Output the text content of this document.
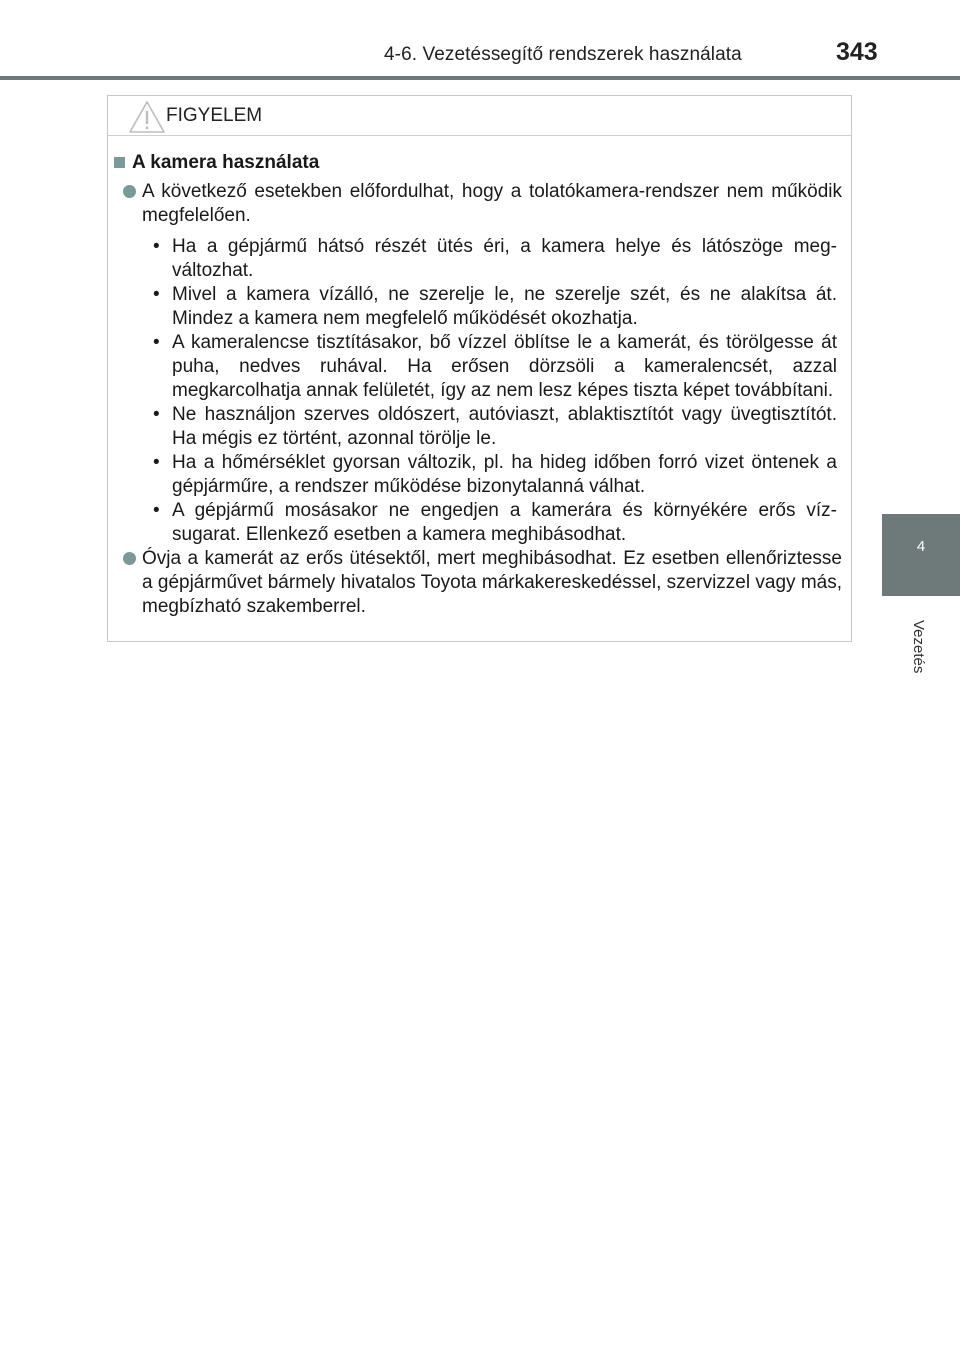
4-6. Vezetéssegítő rendszerek használata	343
4
Vezetés
FIGYELEM
A kamera használata
A következő esetekben előfordulhat, hogy a tolatókamera-rendszer nem működik megfelelően.
• Ha a gépjármű hátsó részét ütés éri, a kamera helye és látószöge megváltozhat.
• Mivel a kamera vízálló, ne szerelje le, ne szerelje szét, és ne alakítsa át. Mindez a kamera nem megfelelő működését okozhatja.
• A kameralencse tisztításakor, bő vízzel öblítse le a kamerát, és törölgesse át puha, nedves ruhával. Ha erősen dörzsöli a kameralencsét, azzal megkarcolhatja annak felületét, így az nem lesz képes tiszta képet továbbítani.
• Ne használjon szerves oldószert, autóviaszt, ablaktisztítót vagy üvegtisztítót. Ha mégis ez történt, azonnal törölje le.
• Ha a hőmérséklet gyorsan változik, pl. ha hideg időben forró vizet öntenek a gépjárműre, a rendszer működése bizonytalanná válhat.
• A gépjármű mosásakor ne engedjen a kamerára és környékére erős vízsugarat. Ellenkező esetben a kamera meghibásodhat.
Óvja a kamerát az erős ütésektől, mert meghibásodhat. Ez esetben ellenőriztesse a gépjárművet bármely hivatalos Toyota márkakereskedéssel, szervizzel vagy más, megbízható szakemberrel.
